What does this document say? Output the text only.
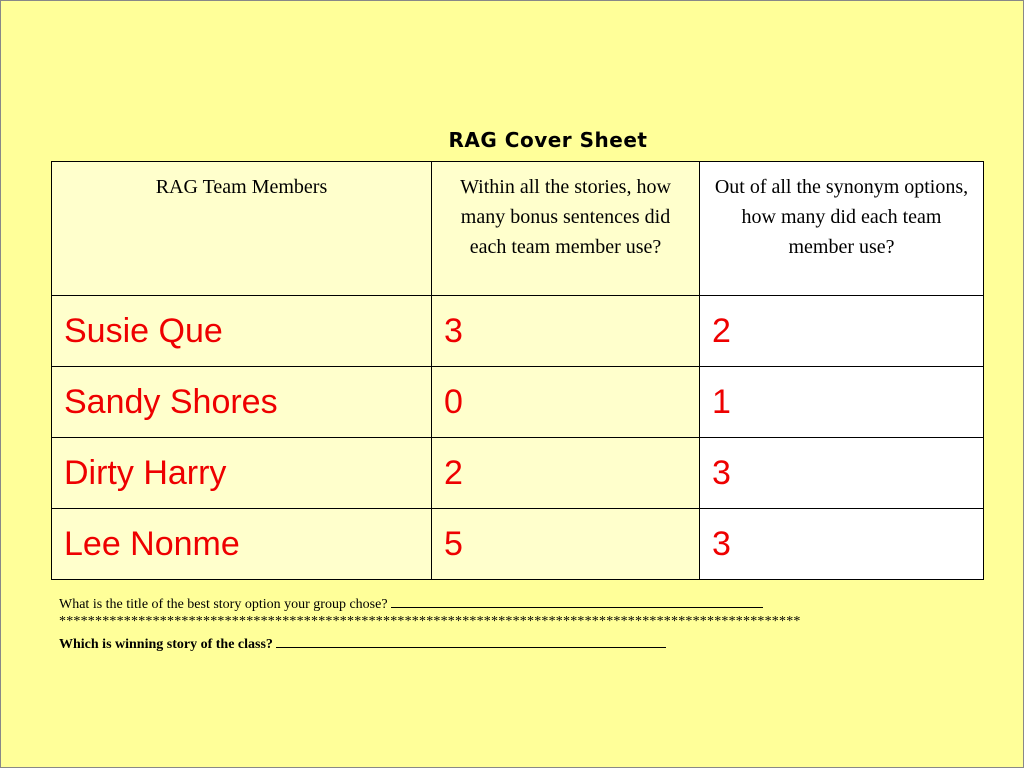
RAG Cover Sheet
RAG Team Members	Within all the stories, how many bonus sentences did each team member use?	Out of all the synonym options, how many did each team member use?

Susie Que	3	2
Sandy Shores	0	1
Dirty Harry	2	3
Lee Nonme	5	3
What is the title of the best story option your group chose?
*******************************************************************************************************
Which is winning story of the class?
